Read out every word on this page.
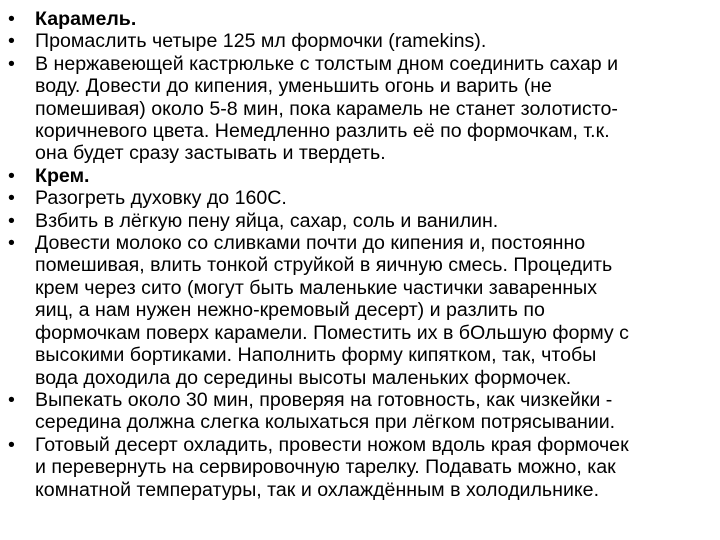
•	Карамель.
•	Промаслить четыре 125 мл формочки (ramekins).
•	В нержавеющей кастрюльке с толстым дном соединить сахар и
воду. Довести до кипения, уменьшить огонь и варить (не
помешивая) около 5-8 мин, пока карамель не станет золотисто-
коричневого цвета. Немедленно разлить её по формочкам, т.к.
она будет сразу застывать и твердеть.
•	Крем.
•	Разогреть духовку до 160С.
•	Взбить в лёгкую пену яйца, сахар, соль и ванилин.
•	Довести молоко со сливками почти до кипения и, постоянно
помешивая, влить тонкой струйкой в яичную смесь. Процедить
крем через сито (могут быть маленькие частички заваренных
яиц, а нам нужен нежно-кремовый десерт) и разлить по
формочкам поверх карамели. Поместить их в бОльшую форму с
высокими бортиками. Наполнить форму кипятком, так, чтобы
вода доходила до середины высоты маленьких формочек.
•	Выпекать около 30 мин, проверяя на готовность, как чизкейки -
середина должна слегка колыхаться при лёгком потрясывании.
•	Готовый десерт охладить, провести ножом вдоль края формочек
и перевернуть на сервировочную тарелку. Подавать можно, как
комнатной температуры, так и охлаждённым в холодильнике.
